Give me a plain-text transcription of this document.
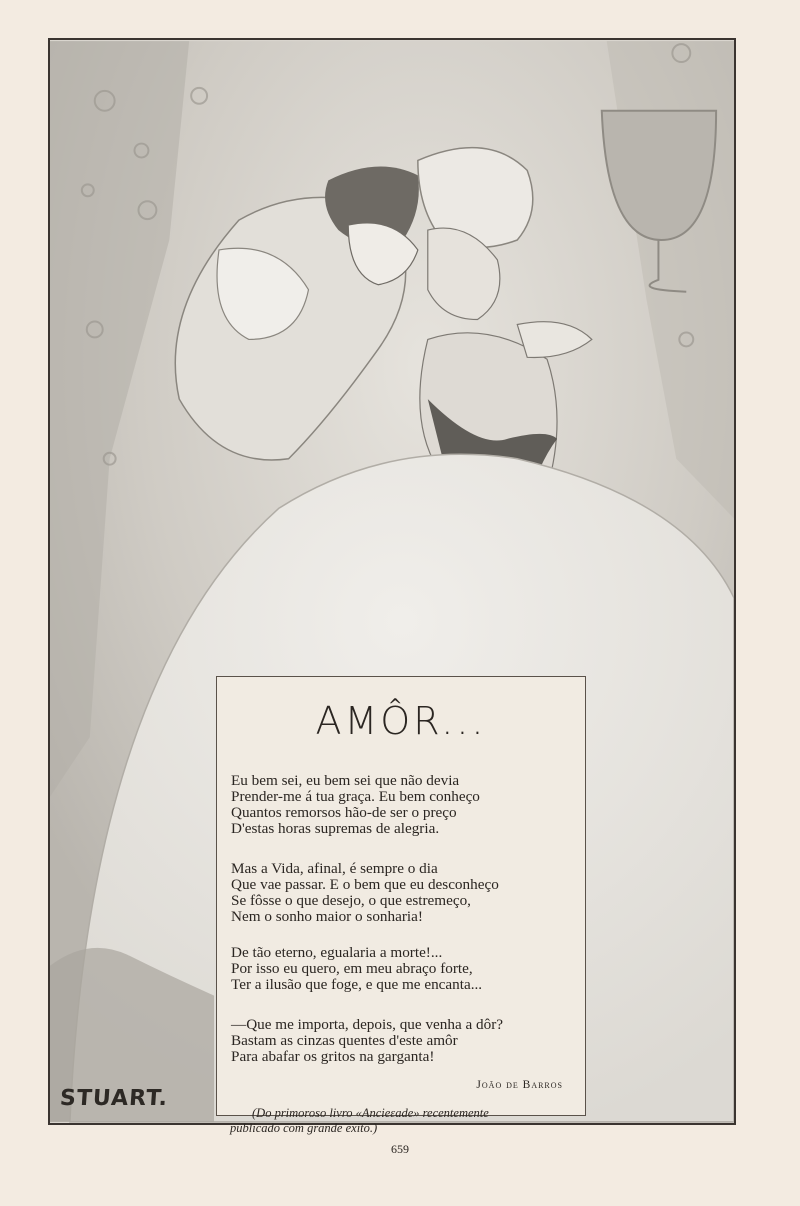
STUART.
AMÔR...
Eu bem sei, eu bem sei que não devia
Prender-me á tua graça. Eu bem conheço
Quantos remorsos hão-de ser o preço
D'estas horas supremas de alegria.
Mas a Vida, afinal, é sempre o dia
Que vae passar. E o bem que eu desconheço
Se fôsse o que desejo, o que estremeço,
Nem o sonho maior o sonharia!
De tão eterno, egualaria a morte!...
Por isso eu quero, em meu abraço forte,
Ter a ilusão que foge, e que me encanta...
—Que me importa, depois, que venha a dôr?
Bastam as cinzas quentes d'este amôr
Para abafar os gritos na garganta!
João de Barros
(Do primoroso livro «Ancieɛade» recentemente
publicado com grande exito.)
659
